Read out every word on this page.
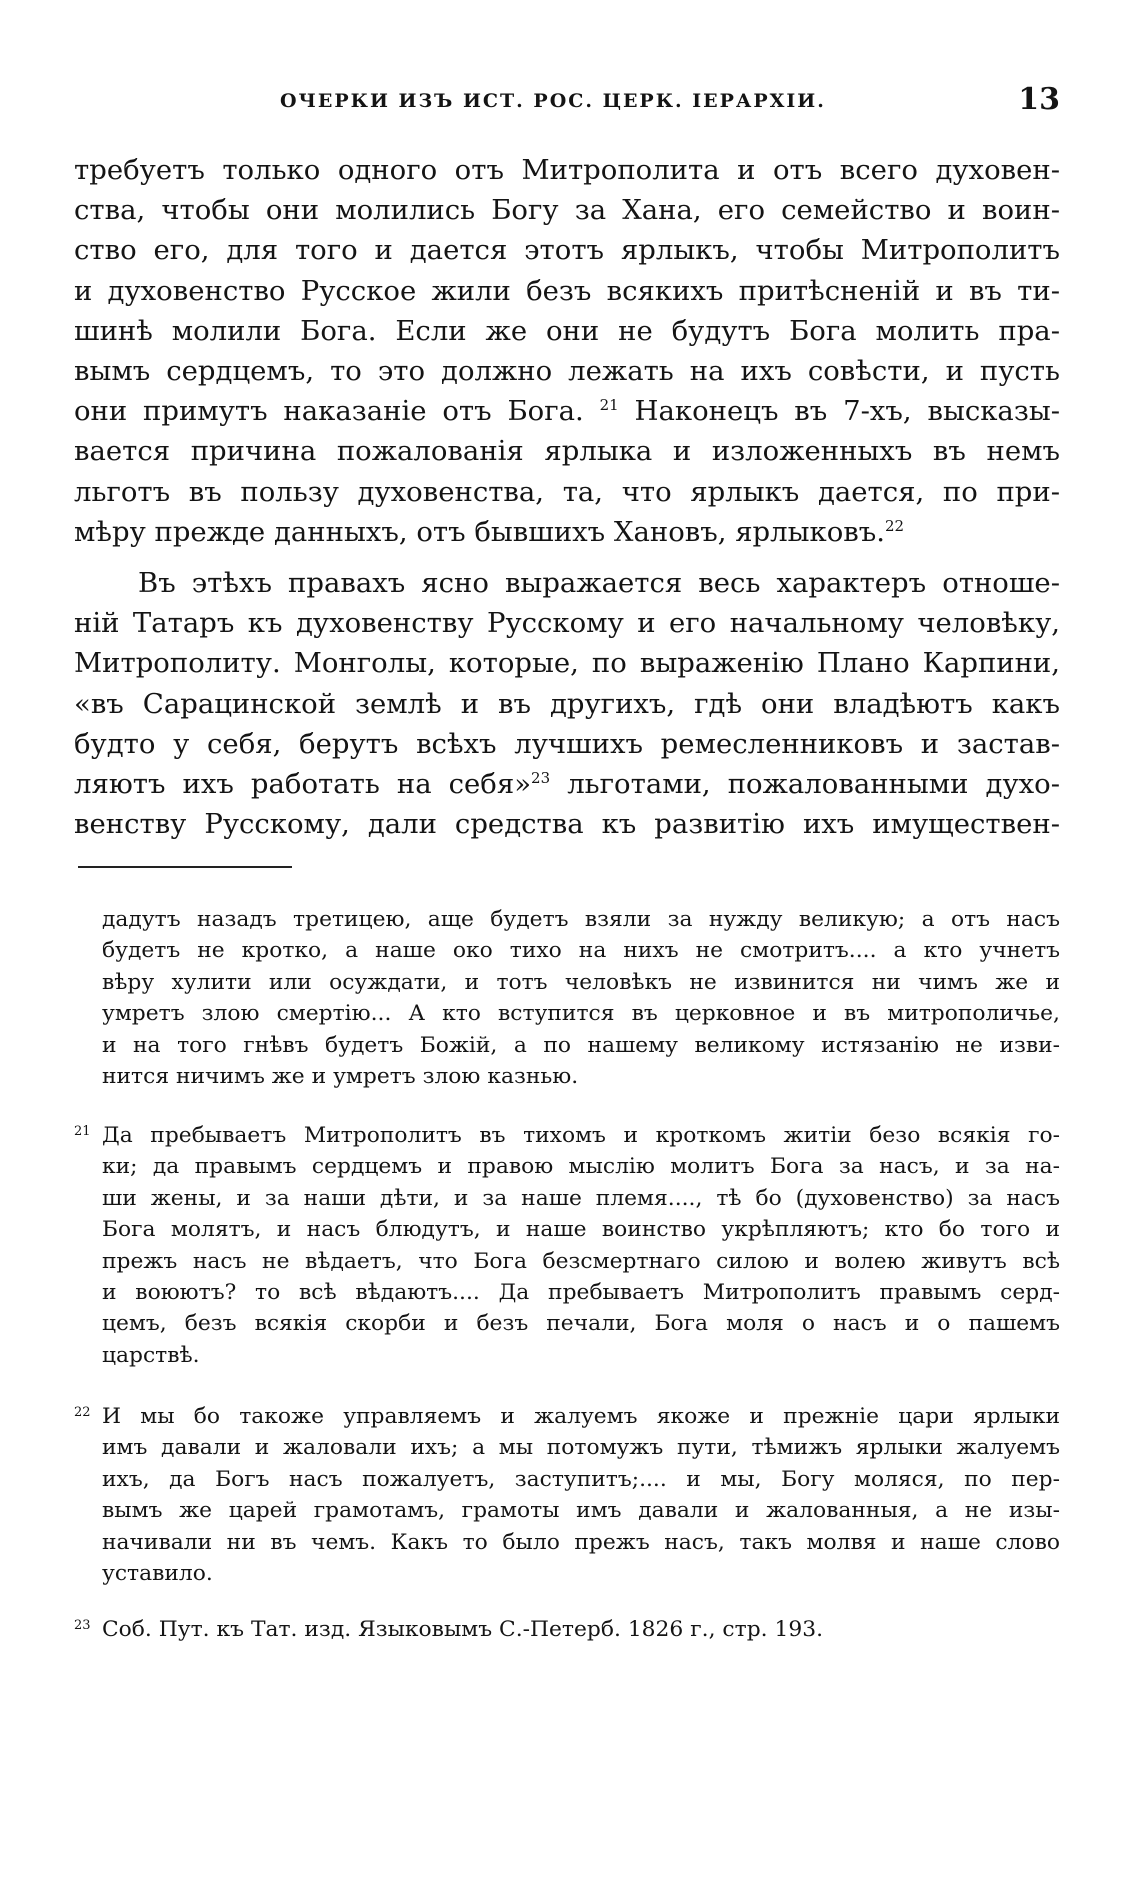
ОЧЕРКИ ИЗЪ ИСТ. РОС. ЦЕРК. ІЕРАРХІИ.	13
требуетъ только одного отъ Митрополита и отъ всего духовен-
ства, чтобы они молились Богу за Хана, его семейство и воин-
ство его, для того и дается этотъ ярлыкъ, чтобы Митрополитъ
и духовенство Русское жили безъ всякихъ притѣсненій и въ ти-
шинѣ молили Бога. Если же они не будутъ Бога молить пра-
вымъ сердцемъ, то это должно лежать на ихъ совѣсти, и пусть
они примутъ наказаніе отъ Бога. $^{21}$ Наконецъ въ 7-хъ, высказы-
вается причина пожалованія ярлыка и изложенныхъ въ немъ
льготъ въ пользу духовенства, та, что ярлыкъ дается, по при-
мѣру прежде данныхъ, отъ бывшихъ Хановъ, ярлыковъ.$^{22}$
Въ этѣхъ правахъ ясно выражается весь характеръ отноше-
ній Татаръ къ духовенству Русскому и его начальному человѣку,
Митрополиту. Монголы, которые, по выраженію Плано Карпини,
«въ Сарацинской землѣ и въ другихъ, гдѣ они владѣютъ какъ
будто у себя, берутъ всѣхъ лучшихъ ремесленниковъ и застав-
ляютъ ихъ работать на себя»$^{23}$ льготами, пожалованными духо-
венству Русскому, дали средства къ развитію ихъ имуществен-
дадутъ назадъ третицею, аще будетъ взяли за нужду великую; а отъ насъ
будетъ не кротко, а наше око тихо на нихъ не смотритъ.... а кто учнетъ
вѣру хулити или осуждати, и тотъ человѣкъ не извинится ни чимъ же и
умретъ злою смертію... А кто вступится въ церковное и въ митрополичье,
и на того гнѣвъ будетъ Божій, а по нашему великому истязанію не изви-
нится ничимъ же и умретъ злою казнью.
21 Да пребываетъ Митрополитъ въ тихомъ и кроткомъ житіи безо всякія го-
ки; да правымъ сердцемъ и правою мыслію молитъ Бога за насъ, и за на-
ши жены, и за наши дѣти, и за наше племя...., тѣ бо (духовенство) за насъ
Бога молятъ, и насъ блюдутъ, и наше воинство укрѣпляютъ; кто бо того и
прежъ насъ не вѣдаетъ, что Бога безсмертнаго силою и волею живутъ всѣ
и воюютъ? то всѣ вѣдаютъ.... Да пребываетъ Митрополитъ правымъ серд-
цемъ, безъ всякія скорби и безъ печали, Бога моля о насъ и о пашемъ
царствѣ.
22 И мы бо такоже управляемъ и жалуемъ якоже и прежніе цари ярлыки
имъ давали и жаловали ихъ; а мы потомужъ пути, тѣмижъ ярлыки жалуемъ
ихъ, да Богъ насъ пожалуетъ, заступитъ;.... и мы, Богу моляся, по пер-
вымъ же царей грамотамъ, грамоты имъ давали и жалованныя, а не изы-
начивали ни въ чемъ. Какъ то было прежъ насъ, такъ молвя и наше слово
уставило.
23 Соб. Пут. къ Тат. изд. Языковымъ С.-Петерб. 1826 г., стр. 193.
